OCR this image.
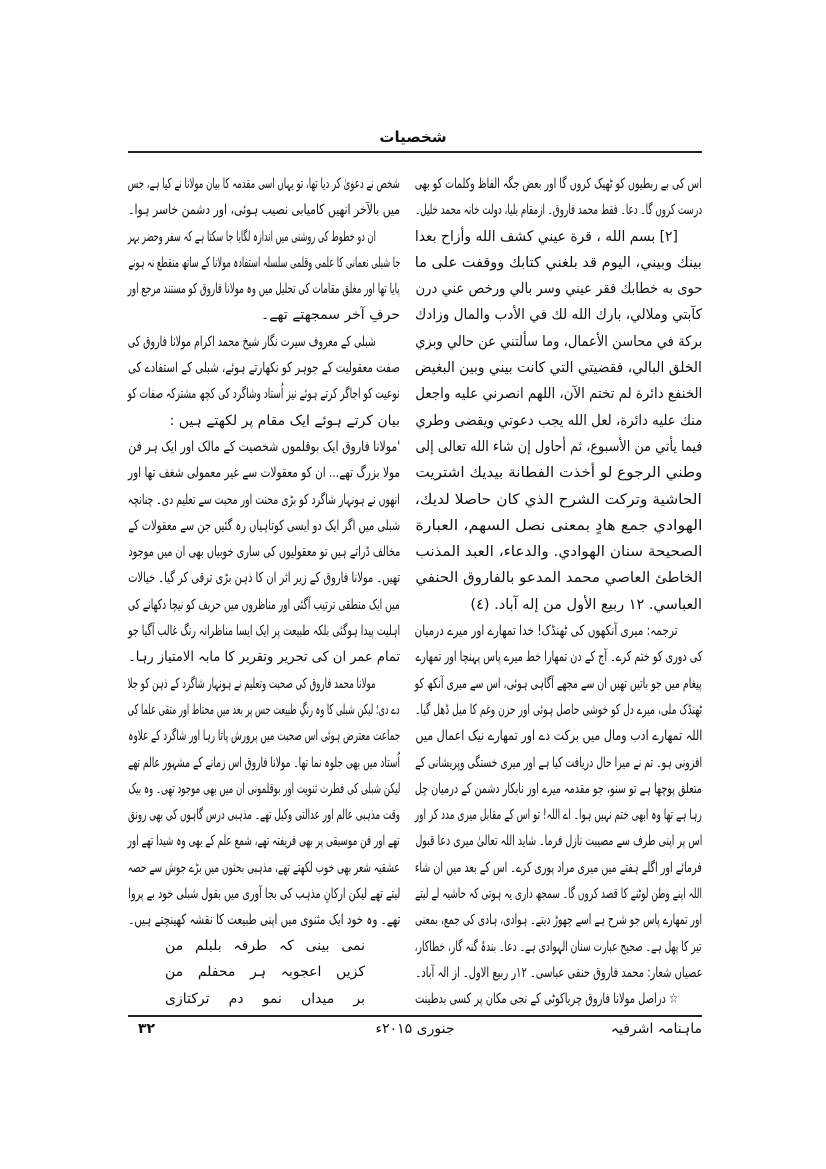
شخصيات
اس کی بے ربطیوں کو ٹھیک کروں گا اور بعض جگہ الفاظ وکلمات کو بھی
درست کروں گا۔ دعا۔ فقط محمد فاروق۔ ازمقام بلیا، دولت خانہ محمد خلیل۔
[۲] بسم الله ، قرة عيني كشف الله وأزاح بعدا
بينك وبيني، اليوم قد بلغني كتابك ووقفت على ما
حوى به خطابك فقر عيني وسر بالي ورخص عني درن
كآبتي وملالي، بارك الله لك في الأدب والمال وزادك
بركة في محاسن الأعمال، وما سألتني عن حالي وبزي
الخلق البالي، فقضيتي التي كانت بيني وبين البغيض
الخنفع دائرة لم تختم الآن، اللهم انصرني عليه واجعل
منك عليه دائرة، لعل الله يجب دعوتي ويقضى وطري
فيما يأتي من الأسبوع، ثم أحاول إن شاء الله تعالى إلى
وطني الرجوع لو أخذت الفطانة بيديك اشتريت
الحاشية وتركت الشرح الذي كان حاصلا لديك،
الهوادي جمع هادٍ بمعنى نصل السهم، العبارة
الصحيحة سنان الهوادي. والدعاء، العبد المذنب
الخاطئ العاصي محمد المدعو بالفاروق الحنفي
العباسي. ١٢ ربيع الأول من إله آباد. (٤)
ترجمہ: میری آنکھوں کی ٹھنڈک! خدا تمھارے اور میرے درمیان
کی دوری کو ختم کرے۔ آج کے دن تمھارا خط میرے پاس پہنچا اور تمھارے
پیغام میں جو باتیں تھیں ان سے مجھے آگاہی ہوئی، اس سے میری آنکھ کو
ٹھنڈک ملی، میرے دل کو خوشی حاصل ہوئی اور حزن وغم کا میل ڈھل گیا۔
اللہ تمھارے ادب ومال میں برکت دے اور تمھارے نیک اعمال میں
افزونی ہو۔ تم نے میرا حال دریافت کیا ہے اور میری خستگی وپریشانی کے
متعلق پوچھا ہے تو سنو، جو مقدمہ میرے اور نابکار دشمن کے درمیان چل
رہا ہے تھا وہ ابھی ختم نہیں ہوا۔ اے اللہ! تو اس کے مقابل میری مدد کر اور
اس پر اپنی طرف سے مصیبت نازل فرما۔ شاید اللہ تعالیٰ میری دعا قبول
فرمائے اور اگلے ہفتے میں میری مراد پوری کرے۔ اس کے بعد میں ان شاء
اللہ اپنے وطن لوٹنے کا قصد کروں گا۔ سمجھ داری یہ ہوتی کہ حاشیہ لے لیتے
اور تمھارے پاس جو شرح ہے اسے چھوڑ دیتے۔ ہوادی، ہادی کی جمع، بمعنی
تیر کا پھل ہے۔ صحیح عبارت سنان الہوادی ہے۔ دعا۔ بندۂ گنہ گار، خطاکار،
عصیاں شعار: محمد فاروق حنفی عباسی۔ ۱۲ر ربیع الاول۔ از الہ آباد۔
☆ دراصل مولانا فاروق چریاکوٹی کے نجی مکان پر کسی بدطینت
شخص نے دعویٰ کر دیا تھا، تو یہاں اسی مقدمہ کا بیان مولانا نے کیا ہے، جس
میں بالآخر انھیں کامیابی نصیب ہوئی، اور دشمن خاسر ہوا۔
ان دو خطوط کی روشنی میں اندازہ لگایا جا سکتا ہے کہ سفر وحضر بہر
جا شبلی نعمانی کا علمی وقلمی سلسلہ استفادہ مولانا کے ساتھ منقطع نہ ہونے
پایا تھا اور مغلق مقامات کی تحلیل میں وہ مولانا فاروق کو مستند مرجع اور
حرفِ آخر سمجھتے تھے۔
شبلی کے معروف سیرت نگار شیخ محمد اکرام مولانا فاروق کی
صفت معقولیت کے جوہر کو نکھارتے ہوئے، شبلی کے استفادے کی
نوعیت کو اجاگر کرتے ہوئے نیز اُستاد وشاگرد کی کچھ مشترکہ صفات کو
بیان کرتے ہوئے ایک مقام پر لکھتے ہیں :
'مولانا فاروق ایک بوقلموں شخصیت کے مالک اور ایک ہر فن
مولا بزرگ تھے... ان کو معقولات سے غیر معمولی شغف تھا اور
انھوں نے ہونہار شاگرد کو بڑی محنت اور محبت سے تعلیم دی۔ چنانچہ
شبلی میں اگر ایک دو ایسی کوتاہیاں رہ گئیں جن سے معقولات کے
مخالف ڈراتے ہیں تو معقولیوں کی ساری خوبیاں بھی ان میں موجود
تھیں۔ مولانا فاروق کے زیر اثر ان کا ذہن بڑی ترقی کر گیا۔ خیالات
میں ایک منطقی ترتیب آگئی اور مناظروں میں حریف کو نیچا دکھانے کی
اہلیت پیدا ہوگئی بلکہ طبیعت پر ایک ایسا مناظرانہ رنگ غالب آگیا جو
تمام عمر ان کی تحریر وتقریر کا مابہ الامتیاز رہا۔
مولانا محمد فاروق کی صحبت وتعلیم نے ہونہار شاگرد کے ذہن کو جلا
دے دی؛ لیکن شبلی کا وہ رنگِ طبیعت جس پر بعد میں محتاط اور متقی علما کی
جماعت معترض ہوئی اس صحبت میں پرورش پاتا رہا اور شاگرد کے علاوہ
اُستاد میں بھی جلوہ نما تھا۔ مولانا فاروق اس زمانے کے مشہور عالم تھے
لیکن شبلی کی فطرت ثنویت اور بوقلمونی ان میں بھی موجود تھی۔ وہ بیک
وقت مذہبی عالم اور عدالتی وکیل تھے۔ مذہبی درس گاہوں کی بھی رونق
تھے اور فن موسیقی پر بھی فریفتہ تھے، شمع علم کے بھی وہ شیدا تھے اور
عشقیہ شعر بھی خوب لکھتے تھے، مذہبی بحثوں میں بڑے جوش سے حصہ
لیتے تھے لیکن ارکانِ مذہب کی بجا آوری میں بقول شبلی خود بے پروا
تھے۔ وہ خود ایک مثنوی میں اپنی طبیعت کا نقشہ کھینچتے ہیں۔
نمی
بینی
کہ
طرفہ
بلبلم
من
کزیں
اعجوبہ
ہر
محفلم
من
بر
میداں
نمو
دم
ترکتازی
ماہنامہ اشرفیہ
جنوری ۲۰۱۵ء
۳۲
